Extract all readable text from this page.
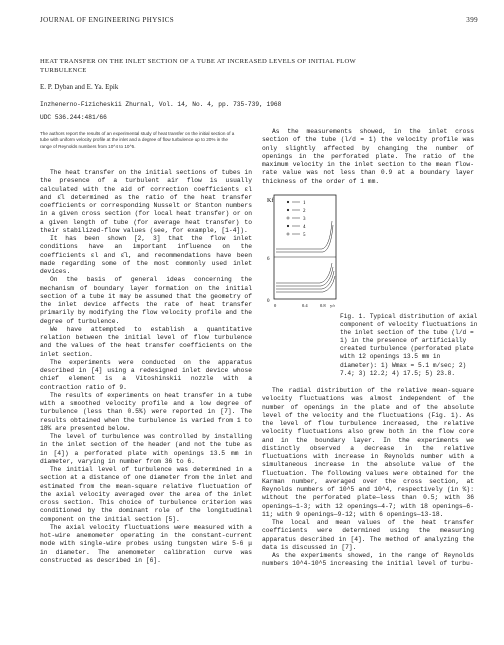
JOURNAL OF ENGINEERING PHYSICS	399
HEAT TRANSFER ON THE INLET SECTION OF A TUBE AT INCREASED LEVELS OF INITIAL FLOW TURBULENCE
E. P. Dyban and E. Ya. Epik
Inzhenerno-Fizicheskii Zhurnal, Vol. 14, No. 4, pp. 735-739, 1968
UDC 536.244:481/66
The authors report the results of an experimental study of heat transfer on the initial section of a tube with uniform velocity profile at the inlet and a degree of flow turbulence up to 20% in the range of Reynolds numbers from 10^4 to 10^5.

The heat transfer on the initial sections of tubes in the presence of a turbulent air flow is usually calculated with the aid of correction coefficients εl and ε̄l determined as the ratio of the heat transfer coefficients or corresponding Nusselt or Stanton numbers in a given cross section (for local heat transfer) or on a given length of tube (for average heat transfer) to their stabilized-flow values (see, for example, [1-4]).

It has been shown [2, 3] that the flow inlet conditions have an important influence on the coefficients εl and ε̄l, and recommendations have been made regarding some of the most commonly used inlet devices.

On the basis of general ideas concerning the mechanism of boundary layer formation on the initial section of a tube it may be assumed that the geometry of the inlet device affects the rate of heat transfer primarily by modifying the flow velocity profile and the degree of turbulence.

We have attempted to establish a quantitative relation between the initial level of flow turbulence and the values of the heat transfer coefficients on the inlet section.

The experiments were conducted on the apparatus described in [4] using a redesigned inlet device whose chief element is a Vitoshinskii nozzle with a contraction ratio of 9.

The results of experiments on heat transfer in a tube with a smoothed velocity profile and a low degree of turbulence (less than 0.5%) were reported in [7]. The results obtained when the turbulence is varied from 1 to 18% are presented below.

The level of turbulence was controlled by installing in the inlet section of the header (and not the tube as in [4]) a perforated plate with openings 13.5 mm in diameter, varying in number from 36 to 6.

The initial level of turbulence was determined in a section at a distance of one diameter from the inlet and estimated from the mean-square relative fluctuation of the axial velocity averaged over the area of the inlet cross section. This choice of turbulence criterion was conditioned by the dominant role of the longitudinal component on the initial section [5].

The axial velocity fluctuations were measured with a hot-wire anemometer operating in the constant-current mode with single-wire probes using tungsten wire 5-6 μ in diameter. The anemometer calibration curve was constructed as described in [6].

As the measurements showed, in the inlet cross section of the tube (l/d = 1) the velocity profile was only slightly affected by changing the number of openings in the perforated plate. The ratio of the maximum velocity in the inlet section to the mean flow-rate value was not less than 0.9 at a boundary layer thickness of the order of 1 mm.

Kf	1
2
3
4
5
6
0
0	0.4	0.8 y/r

Fig. 1. Typical distribution of axial component of velocity fluctuations in the inlet section of the tube (l/d = 1) in the presence of artificially created turbulence (perforated plate with 12 openings 13.5 mm in diameter): 1) Wmax = 5.1 m/sec; 2) 7.4; 3) 12.2; 4) 17.5; 5) 23.8.

The radial distribution of the relative mean-square velocity fluctuations was almost independent of the number of openings in the plate and of the absolute level of the velocity and the fluctuations (Fig. 1). As the level of flow turbulence increased, the relative velocity fluctuations also grew both in the flow core and in the boundary layer. In the experiments we distinctly observed a decrease in the relative fluctuations with increase in Reynolds number with a simultaneous increase in the absolute value of the fluctuation. The following values were obtained for the Karman number, averaged over the cross section, at Reynolds numbers of 10^5 and 10^4, respectively (in %): without the perforated plate—less than 0.5; with 36 openings—1-3; with 12 openings—4-7; with 18 openings—6-11; with 9 openings—9-12; with 6 openings—13-18.

The local and mean values of the heat transfer coefficients were determined using the measuring apparatus described in [4]. The method of analyzing the data is discussed in [7].

As the experiments showed, in the range of Reynolds numbers 10^4-10^5 increasing the initial level of turbu-
